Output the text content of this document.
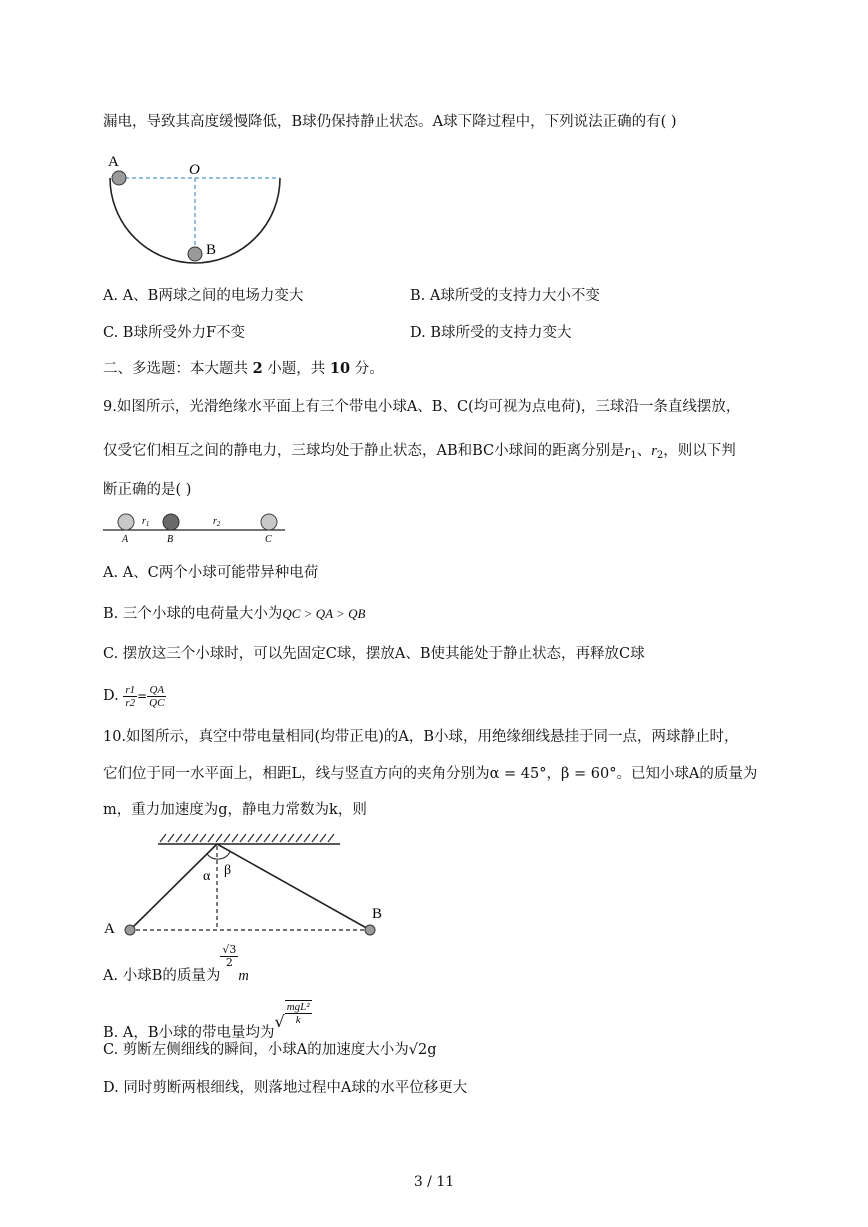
漏电，导致其高度缓慢降低，B球仍保持静止状态。A球下降过程中，下列说法正确的有( )
A	O
B
A. A、B两球之间的电场力变大	B. A球所受的支持力大小不变
C. B球所受外力F不变	D. B球所受的支持力变大
二、多选题：本大题共 2 小题，共 10 分。
9.如图所示，光滑绝缘水平面上有三个带电小球A、B、C(均可视为点电荷)，三球沿一条直线摆放，
仅受它们相互之间的静电力，三球均处于静止状态，AB和BC小球间的距离分别是$r_1$、$r_2$，则以下判
断正确的是( )
$r_1$	$r_2$
A	B	C
A. A、C两个小球可能带异种电荷
B. 三个小球的电荷量大小为QC > QA > QB
C. 摆放这三个小球时，可以先固定C球，摆放A、B使其能处于静止状态，再释放C球
D. $\frac{r1}{r2} = \frac{QA}{QC}$
10.如图所示，真空中带电量相同(均带正电)的A，B小球，用绝缘细线悬挂于同一点，两球静止时，
它们位于同一水平面上，相距L，线与竖直方向的夹角分别为α = 45°，β = 60°。已知小球A的质量为
m，重力加速度为g，静电力常数为k，则
α β
A
B
A. 小球B的质量为
$\frac{√3}{2}$
m
B. A，B小球的带电量均为√ $\frac{\text{mgL²}}{k}$
C. 剪断左侧细线的瞬间，小球A的加速度大小为√2g
D. 同时剪断两根细线，则落地过程中A球的水平位移更大
3 / 11
